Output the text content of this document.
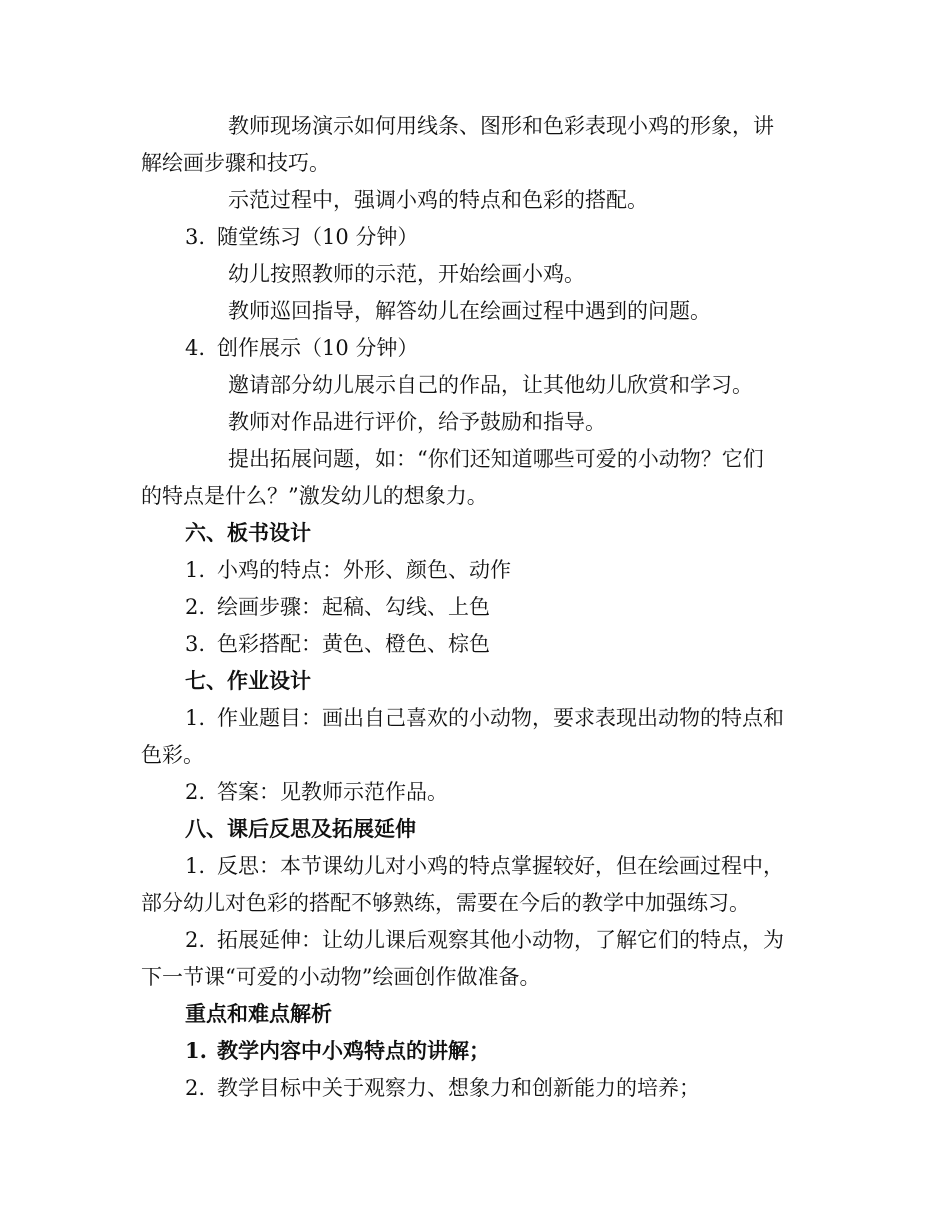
教师现场演示如何用线条、图形和色彩表现小鸡的形象，讲
解绘画步骤和技巧。
示范过程中，强调小鸡的特点和色彩的搭配。
3. 随堂练习（10 分钟）
幼儿按照教师的示范，开始绘画小鸡。
教师巡回指导，解答幼儿在绘画过程中遇到的问题。
4. 创作展示（10 分钟）
邀请部分幼儿展示自己的作品，让其他幼儿欣赏和学习。
教师对作品进行评价，给予鼓励和指导。
提出拓展问题，如：“你们还知道哪些可爱的小动物？它们
的特点是什么？”激发幼儿的想象力。
六、板书设计
1. 小鸡的特点：外形、颜色、动作
2. 绘画步骤：起稿、勾线、上色
3. 色彩搭配：黄色、橙色、棕色
七、作业设计
1. 作业题目：画出自己喜欢的小动物，要求表现出动物的特点和
色彩。
2. 答案：见教师示范作品。
八、课后反思及拓展延伸
1. 反思：本节课幼儿对小鸡的特点掌握较好，但在绘画过程中，
部分幼儿对色彩的搭配不够熟练，需要在今后的教学中加强练习。
2. 拓展延伸：让幼儿课后观察其他小动物，了解它们的特点，为
下一节课“可爱的小动物”绘画创作做准备。
重点和难点解析
1. 教学内容中小鸡特点的讲解；
2. 教学目标中关于观察力、想象力和创新能力的培养；
